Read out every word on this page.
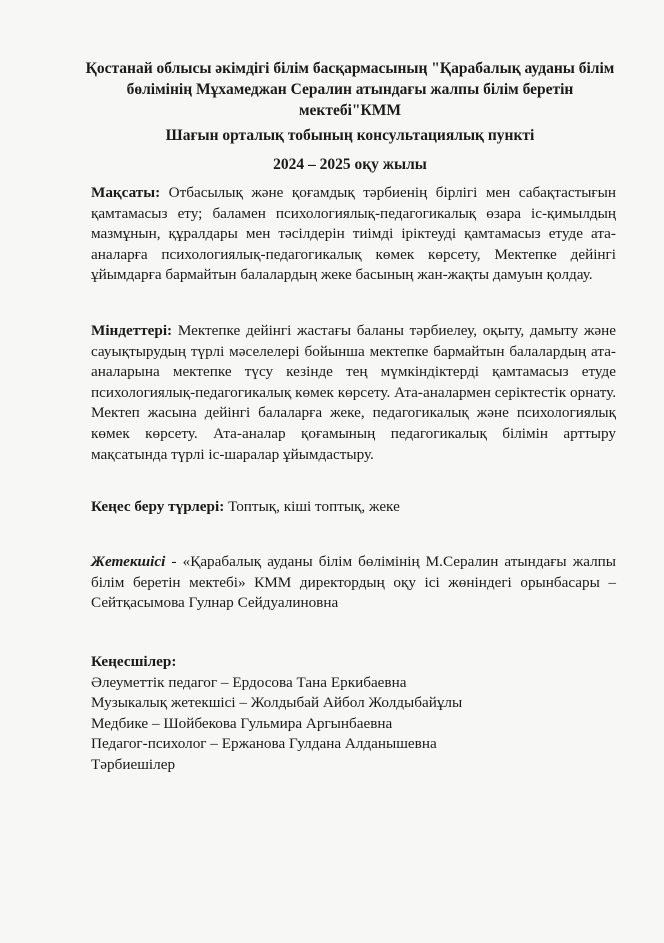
Қостанай облысы әкімдігі білім басқармасының "Қарабалық ауданы білім бөлімінің Мұхамеджан Сералин атындағы жалпы білім беретін мектебі"КММ
Шағын орталық тобының консультациялық пункті
2024 – 2025 оқу жылы
Мақсаты: Отбасылық және қоғамдық тәрбиенің бірлігі мен сабақтастығын қамтамасыз ету; баламен психологиялық-педагогикалық өзара іс-қимылдың мазмұнын, құралдары мен тәсілдерін тиімді іріктеуді қамтамасыз етуде ата-аналарға психологиялық-педагогикалық көмек көрсету, Мектепке дейінгі ұйымдарға бармайтын балалардың жеке басының жан-жақты дамуын қолдау.
Міндеттері: Мектепке дейінгі жастағы баланы тәрбиелеу, оқыту, дамыту және сауықтырудың түрлі мәселелері бойынша мектепке бармайтын балалардың ата-аналарына мектепке түсу кезінде тең мүмкіндіктерді қамтамасыз етуде психологиялық-педагогикалық көмек көрсету. Ата-аналармен серіктестік орнату. Мектеп жасына дейінгі балаларға жеке, педагогикалық және психологиялық көмек көрсету. Ата-аналар қоғамының педагогикалық білімін арттыру мақсатында түрлі іс-шаралар ұйымдастыру.
Кеңес беру түрлері: Топтық, кіші топтық, жеке
Жетекшісі - «Қарабалық ауданы білім бөлімінің М.Сералин атындағы жалпы білім беретін мектебі» КММ директордың оқу ісі жөніндегі орынбасары – Сейтқасымова Гулнар Сейдуалиновна
Кеңесшілер:
Әлеуметтік педагог – Ердосова Тана Еркибаевна
Музыкалық жетекшісі – Жолдыбай Айбол Жолдыбайұлы
Медбике – Шойбекова Гульмира Аргынбаевна
Педагог-психолог – Ержанова Гулдана Алданышевна
Тәрбиешілер
